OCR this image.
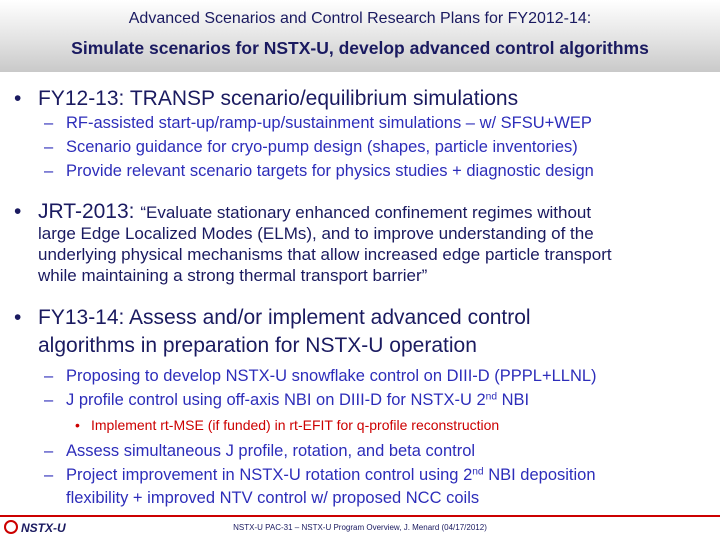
Advanced Scenarios and Control Research Plans for FY2012-14:
Simulate scenarios for NSTX-U, develop advanced control algorithms
• FY12-13: TRANSP scenario/equilibrium simulations
– RF-assisted start-up/ramp-up/sustainment simulations – w/ SFSU+WEP
– Scenario guidance for cryo-pump design (shapes, particle inventories)
– Provide relevant scenario targets for physics studies + diagnostic design
• JRT-2013: “Evaluate stationary enhanced confinement regimes without
large Edge Localized Modes (ELMs), and to improve understanding of the
underlying physical mechanisms that allow increased edge particle transport
while maintaining a strong thermal transport barrier”
• FY13-14: Assess and/or implement advanced control
algorithms in preparation for NSTX-U operation
– Proposing to develop NSTX-U snowflake control on DIII-D (PPPL+LLNL)
– J profile control using off-axis NBI on DIII-D for NSTX-U 2nd NBI
• Implement rt-MSE (if funded) in rt-EFIT for q-profile reconstruction
– Assess simultaneous J profile, rotation, and beta control
– Project improvement in NSTX-U rotation control using 2nd NBI deposition
flexibility + improved NTV control w/ proposed NCC coils
NSTX-U	NSTX-U PAC-31 – NSTX-U Program Overview, J. Menard (04/17/2012)
